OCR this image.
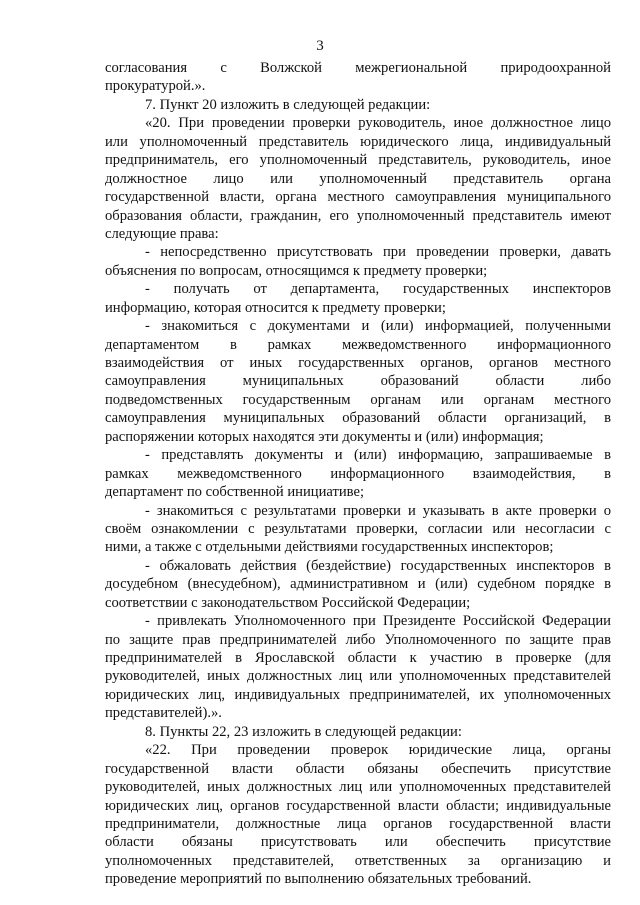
3
согласования с Волжской межрегиональной природоохранной
прокуратурой.».
7. Пункт 20 изложить в следующей редакции:
«20. При проведении проверки руководитель, иное должностное лицо
или уполномоченный представитель юридического лица, индивидуальный
предприниматель, его уполномоченный представитель, руководитель, иное
должностное лицо или уполномоченный представитель органа
государственной власти, органа местного самоуправления муниципального
образования области, гражданин, его уполномоченный представитель имеют
следующие права:
- непосредственно присутствовать при проведении проверки, давать
объяснения по вопросам, относящимся к предмету проверки;
- получать от департамента, государственных инспекторов
информацию, которая относится к предмету проверки;
- знакомиться с документами и (или) информацией, полученными
департаментом в рамках межведомственного информационного
взаимодействия от иных государственных органов, органов местного
самоуправления муниципальных образований области либо
подведомственных государственным органам или органам местного
самоуправления муниципальных образований области организаций, в
распоряжении которых находятся эти документы и (или) информация;
- представлять документы и (или) информацию, запрашиваемые в
рамках межведомственного информационного взаимодействия, в
департамент по собственной инициативе;
- знакомиться с результатами проверки и указывать в акте проверки о
своём ознакомлении с результатами проверки, согласии или несогласии с
ними, а также с отдельными действиями государственных инспекторов;
- обжаловать действия (бездействие) государственных инспекторов в
досудебном (внесудебном), административном и (или) судебном порядке в
соответствии с законодательством Российской Федерации;
- привлекать Уполномоченного при Президенте Российской Федерации
по защите прав предпринимателей либо Уполномоченного по защите прав
предпринимателей в Ярославской области к участию в проверке (для
руководителей, иных должностных лиц или уполномоченных представителей
юридических лиц, индивидуальных предпринимателей, их уполномоченных
представителей).».
8. Пункты 22, 23 изложить в следующей редакции:
«22. При проведении проверок юридические лица, органы
государственной власти области обязаны обеспечить присутствие
руководителей, иных должностных лиц или уполномоченных представителей
юридических лиц, органов государственной власти области; индивидуальные
предприниматели, должностные лица органов государственной власти
области обязаны присутствовать или обеспечить присутствие
уполномоченных представителей, ответственных за организацию и
проведение мероприятий по выполнению обязательных требований.
